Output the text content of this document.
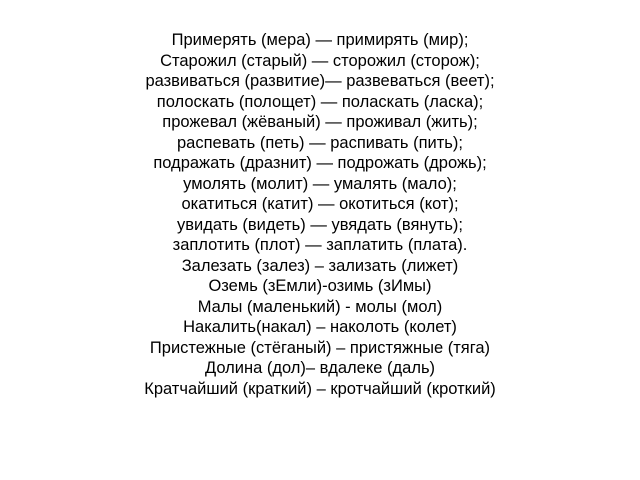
Примерять (мера) — примирять (мир);
Старожил (старый) — сторожил (сторож);
развиваться (развитие)— развеваться (веет);
полоскать (полощет) — поласкать (ласка);
прожевал (жёваный) — проживал (жить);
распевать (петь) — распивать (пить);
подражать (дразнит) — подрожать (дрожь);
умолять (молит) — умалять (мало);
окатиться (катит) — окотиться (кот);
увидать (видеть) — увядать (вянуть);
заплотить (плот) — заплатить (плата).
Залезать (залез) – зализать (лижет)
Оземь (зЕмли)-озимь (зИмы)
Малы (маленький) - молы (мол)
Накалить(накал) – наколоть (колет)
Пристежные (стёганый) – пристяжные (тяга)
Долина (дол)– вдалеке (даль)
Кратчайший (краткий) – кротчайший (кроткий)
